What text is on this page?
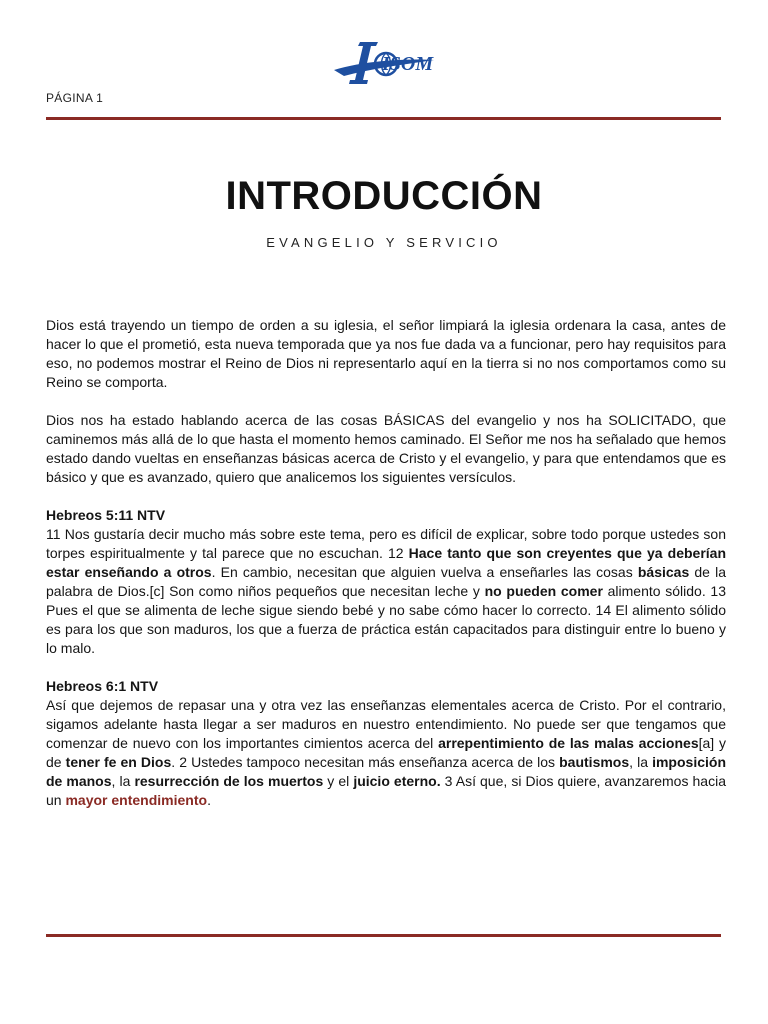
ISOM
PÁGINA 1
INTRODUCCIÓN
EVANGELIO Y SERVICIO

Dios está trayendo un tiempo de orden a su iglesia, el señor limpiará la iglesia ordenara la casa, antes de hacer lo que el prometió, esta nueva temporada que ya nos fue dada va a funcionar, pero hay requisitos para eso, no podemos mostrar el Reino de Dios ni representarlo aquí en la tierra si no nos comportamos como su Reino se comporta.

Dios nos ha estado hablando acerca de las cosas BÁSICAS del evangelio y nos ha SOLICITADO, que caminemos más allá de lo que hasta el momento hemos caminado. El Señor me nos ha señalado que hemos estado dando vueltas en enseñanzas básicas acerca de Cristo y el evangelio, y para que entendamos que es básico y que es avanzado, quiero que analicemos los siguientes versículos.

Hebreos 5:11 NTV

11 Nos gustaría decir mucho más sobre este tema, pero es difícil de explicar, sobre todo porque ustedes son torpes espiritualmente y tal parece que no escuchan. 12 Hace tanto que son creyentes que ya deberían estar enseñando a otros. En cambio, necesitan que alguien vuelva a enseñarles las cosas básicas de la palabra de Dios.[c] Son como niños pequeños que necesitan leche y no pueden comer alimento sólido. 13 Pues el que se alimenta de leche sigue siendo bebé y no sabe cómo hacer lo correcto. 14 El alimento sólido es para los que son maduros, los que a fuerza de práctica están capacitados para distinguir entre lo bueno y lo malo.

Hebreos 6:1 NTV

Así que dejemos de repasar una y otra vez las enseñanzas elementales acerca de Cristo. Por el contrario, sigamos adelante hasta llegar a ser maduros en nuestro entendimiento. No puede ser que tengamos que comenzar de nuevo con los importantes cimientos acerca del arrepentimiento de las malas acciones[a] y de tener fe en Dios. 2 Ustedes tampoco necesitan más enseñanza acerca de los bautismos, la imposición de manos, la resurrección de los muertos y el juicio eterno. 3 Así que, si Dios quiere, avanzaremos hacia un mayor entendimiento.
